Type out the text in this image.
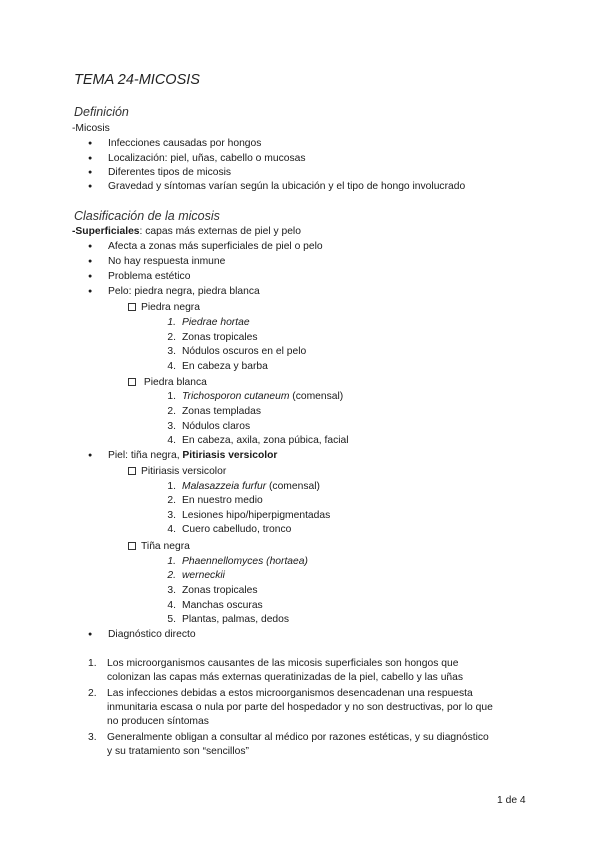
TEMA 24-MICOSIS
Definición
-Micosis
● Infecciones causadas por hongos
● Localización: piel, uñas, cabello o mucosas
● Diferentes tipos de micosis
● Gravedad y síntomas varían según la ubicación y el tipo de hongo involucrado
Clasificación de la micosis
-Superficiales: capas más externas de piel y pelo
● Afecta a zonas más superficiales de piel o pelo
● No hay respuesta inmune
● Problema estético
● Pelo: piedra negra, piedra blanca
Piedra negra
1. Piedrae hortae
2. Zonas tropicales
3. Nódulos oscuros en el pelo
4. En cabeza y barba
Piedra blanca
1. Trichosporon cutaneum (comensal)
2. Zonas templadas
3. Nódulos claros
4. En cabeza, axila, zona púbica, facial
● Piel: tiña negra, Pitiriasis versicolor
Pitiriasis versicolor
1. Malasazzeia furfur (comensal)
2. En nuestro medio
3. Lesiones hipo/hiperpigmentadas
4. Cuero cabelludo, tronco
Tiña negra
1. Phaennellomyces (hortaea)
2. werneckii
3. Zonas tropicales
4. Manchas oscuras
5. Plantas, palmas, dedos
● Diagnóstico directo
1. Los microorganismos causantes de las micosis superficiales son hongos que
colonizan las capas más externas queratinizadas de la piel, cabello y las uñas
2. Las infecciones debidas a estos microorganismos desencadenan una respuesta
inmunitaria escasa o nula por parte del hospedador y no son destructivas, por lo que
no producen síntomas
3. Generalmente obligan a consultar al médico por razones estéticas, y su diagnóstico
y su tratamiento son “sencillos”
1 de 4
